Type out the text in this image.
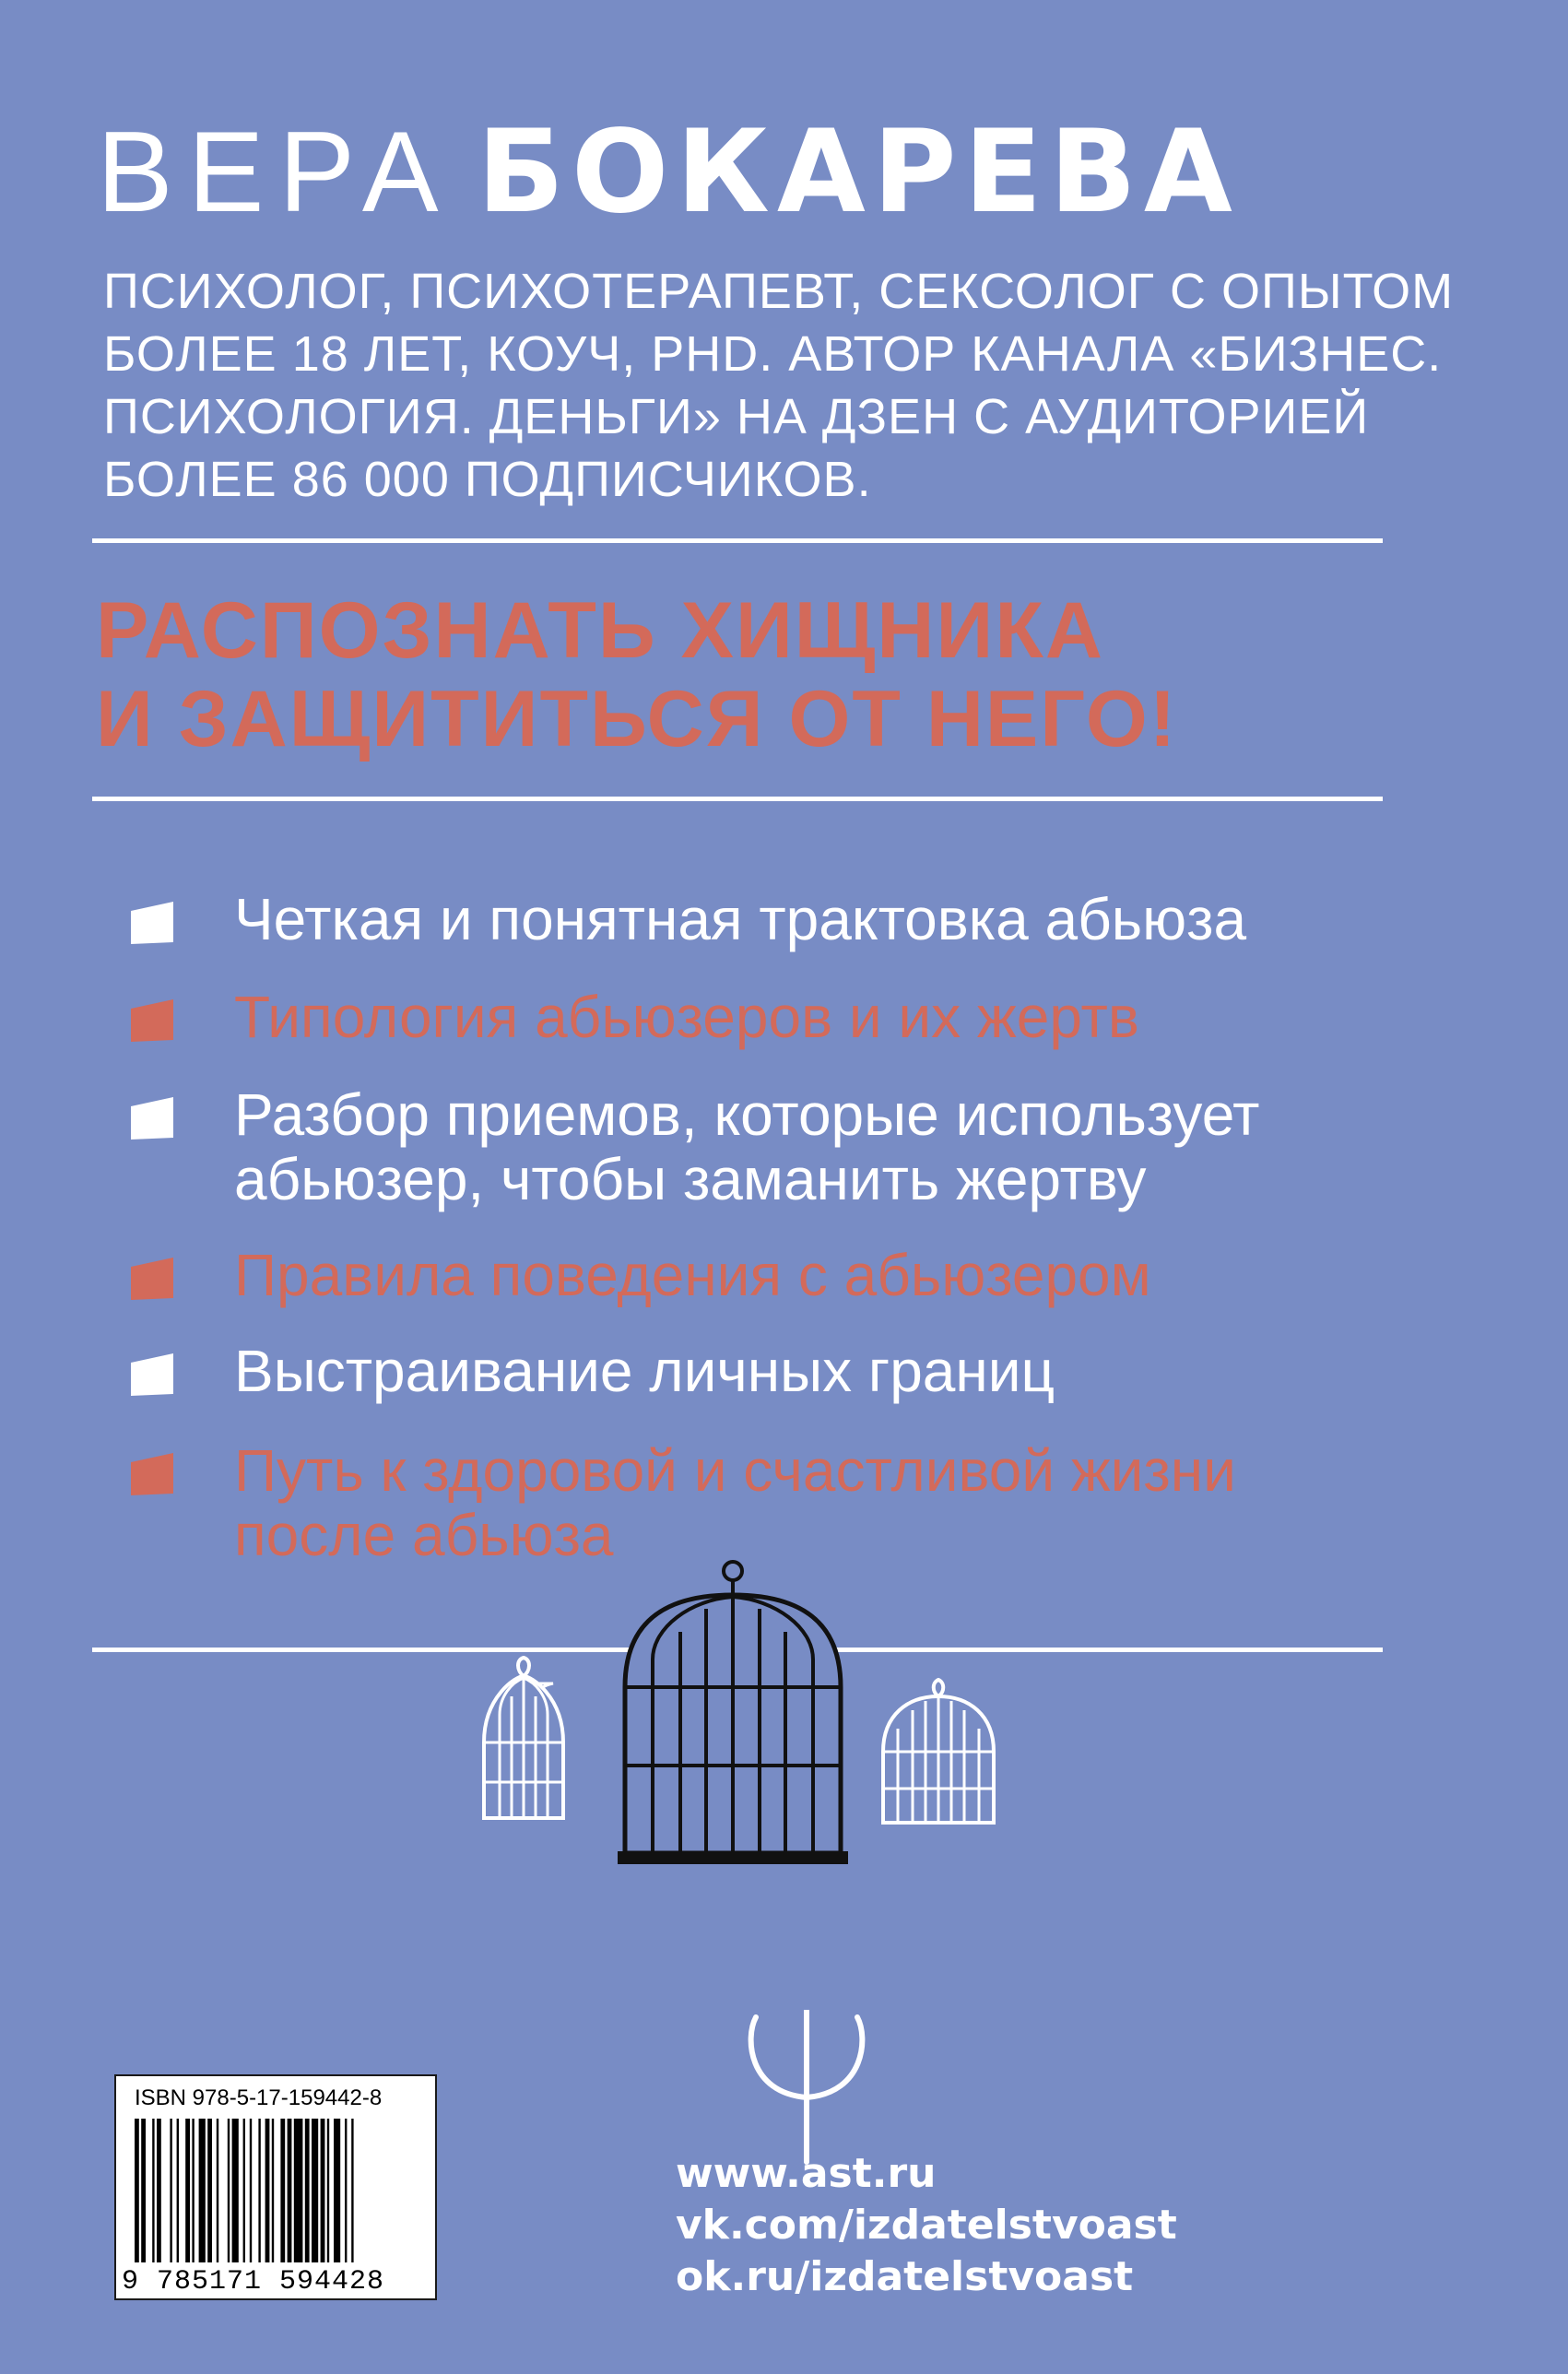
ВЕРА БОКАРЕВА

ПСИХОЛОГ, ПСИХОТЕРАПЕВТ, СЕКСОЛОГ С ОПЫТОМ
БОЛЕЕ 18 ЛЕТ, КОУЧ, PHD. АВТОР КАНАЛА «БИЗНЕС.
ПСИХОЛОГИЯ. ДЕНЬГИ» НА ДЗЕН С АУДИТОРИЕЙ
БОЛЕЕ 86 000 ПОДПИСЧИКОВ.

РАСПОЗНАТЬ ХИЩНИКА
И ЗАЩИТИТЬСЯ ОТ НЕГО!
Четкая и понятная трактовка абьюза
Типология абьюзеров и их жертв
Разбор приемов, которые использует
абьюзер, чтобы заманить жертву
Правила поведения с абьюзером
Выстраивание личных границ
Путь к здоровой и счастливой жизни
после абьюза
ISBN 978-5-17-159442-8
9 785171 594428
www.ast.ru
vk.com/izdatelstvoast
ok.ru/izdatelstvoast
